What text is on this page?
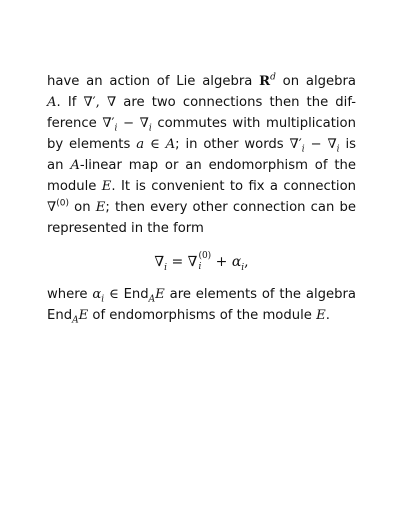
have an action of Lie algebra $R^d$ on algebra
A. If ∇′, ∇ are two connections then the dif-
ference $\nabla'_i - \nabla_i$ commutes with multiplication
by elements a ∈ A; in other words $\nabla'_i - \nabla_i$ is
an A-linear map or an endomorphism of the
module E. It is convenient to fix a connection
∇$^{(0)}$ on E; then every other connection can be
represented in the form
$\nabla_i$ = ∇ (0)
$i + \alpha_i$,
where $\alpha_i$ ∈ End$_A$E are elements of the algebra
End$_A$E of endomorphisms of the module E.
